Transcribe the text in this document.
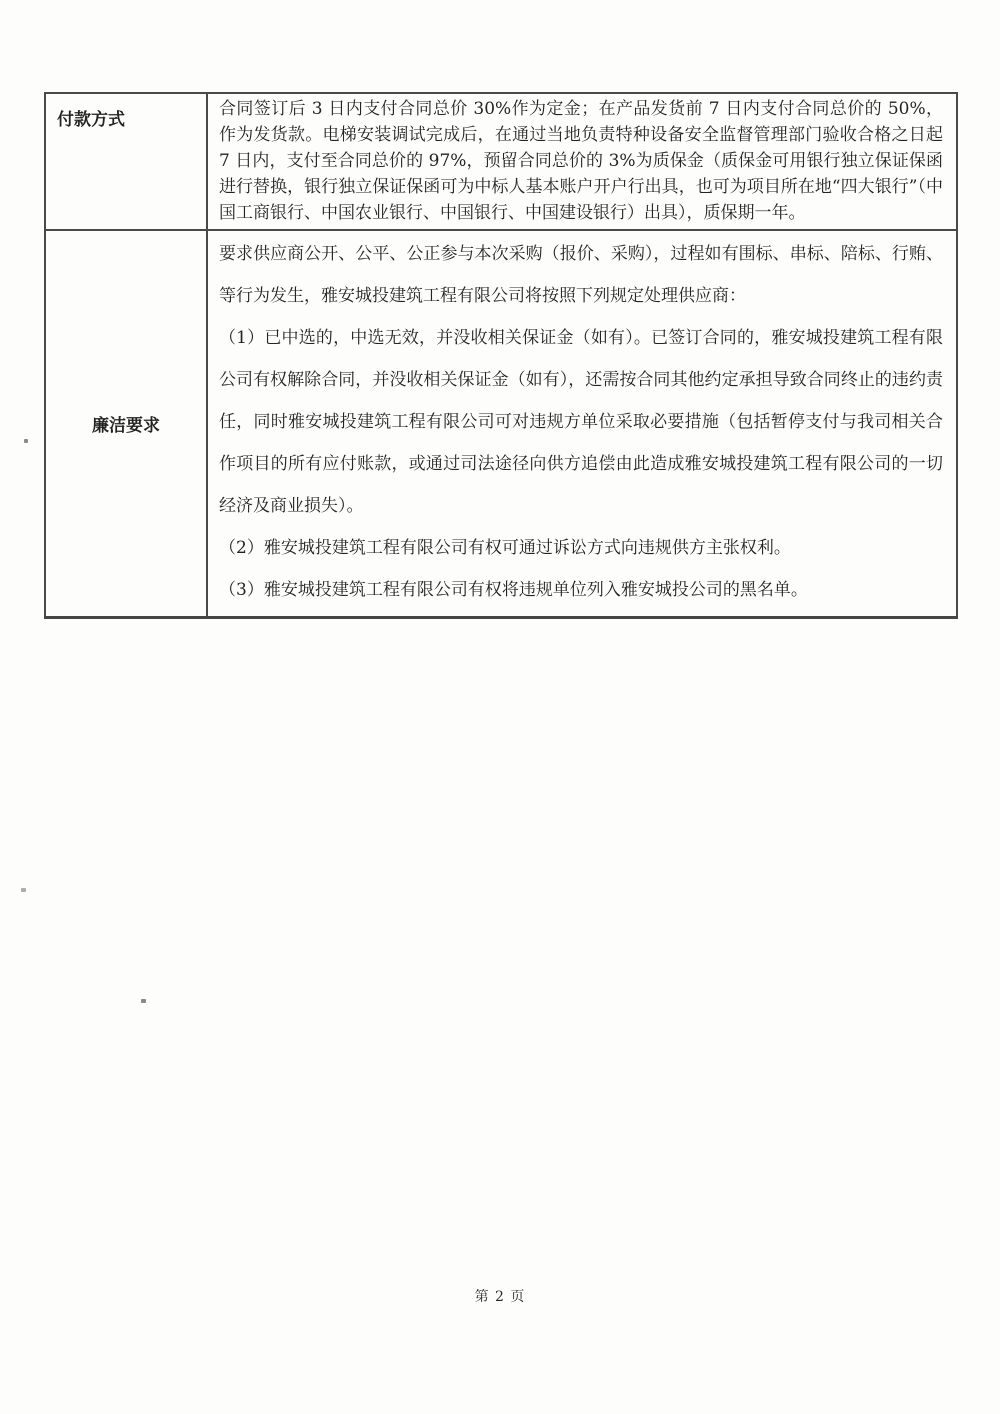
付款方式	合同签订后 3 日内支付合同总价 30%作为定金；在产品发货前 7 日内支付合同总价的 50%，作为发货款。电梯安装调试完成后，在通过当地负责特种设备安全监督管理部门验收合格之日起 7 日内，支付至合同总价的 97%，预留合同总价的 3%为质保金（质保金可用银行独立保证保函进行替换，银行独立保证保函可为中标人基本账户开户行出具，也可为项目所在地“四大银行”（中国工商银行、中国农业银行、中国银行、中国建设银行）出具），质保期一年。

廉洁要求	要求供应商公开、公平、公正参与本次采购（报价、采购），过程如有围标、串标、陪标、行贿、等行为发生，雅安城投建筑工程有限公司将按照下列规定处理供应商：

（1）已中选的，中选无效，并没收相关保证金（如有）。已签订合同的，雅安城投建筑工程有限公司有权解除合同，并没收相关保证金（如有），还需按合同其他约定承担导致合同终止的违约责任，同时雅安城投建筑工程有限公司可对违规方单位采取必要措施（包括暂停支付与我司相关合作项目的所有应付账款，或通过司法途径向供方追偿由此造成雅安城投建筑工程有限公司的一切经济及商业损失）。

（2）雅安城投建筑工程有限公司有权可通过诉讼方式向违规供方主张权利。

（3）雅安城投建筑工程有限公司有权将违规单位列入雅安城投公司的黑名单。

第 2 页
